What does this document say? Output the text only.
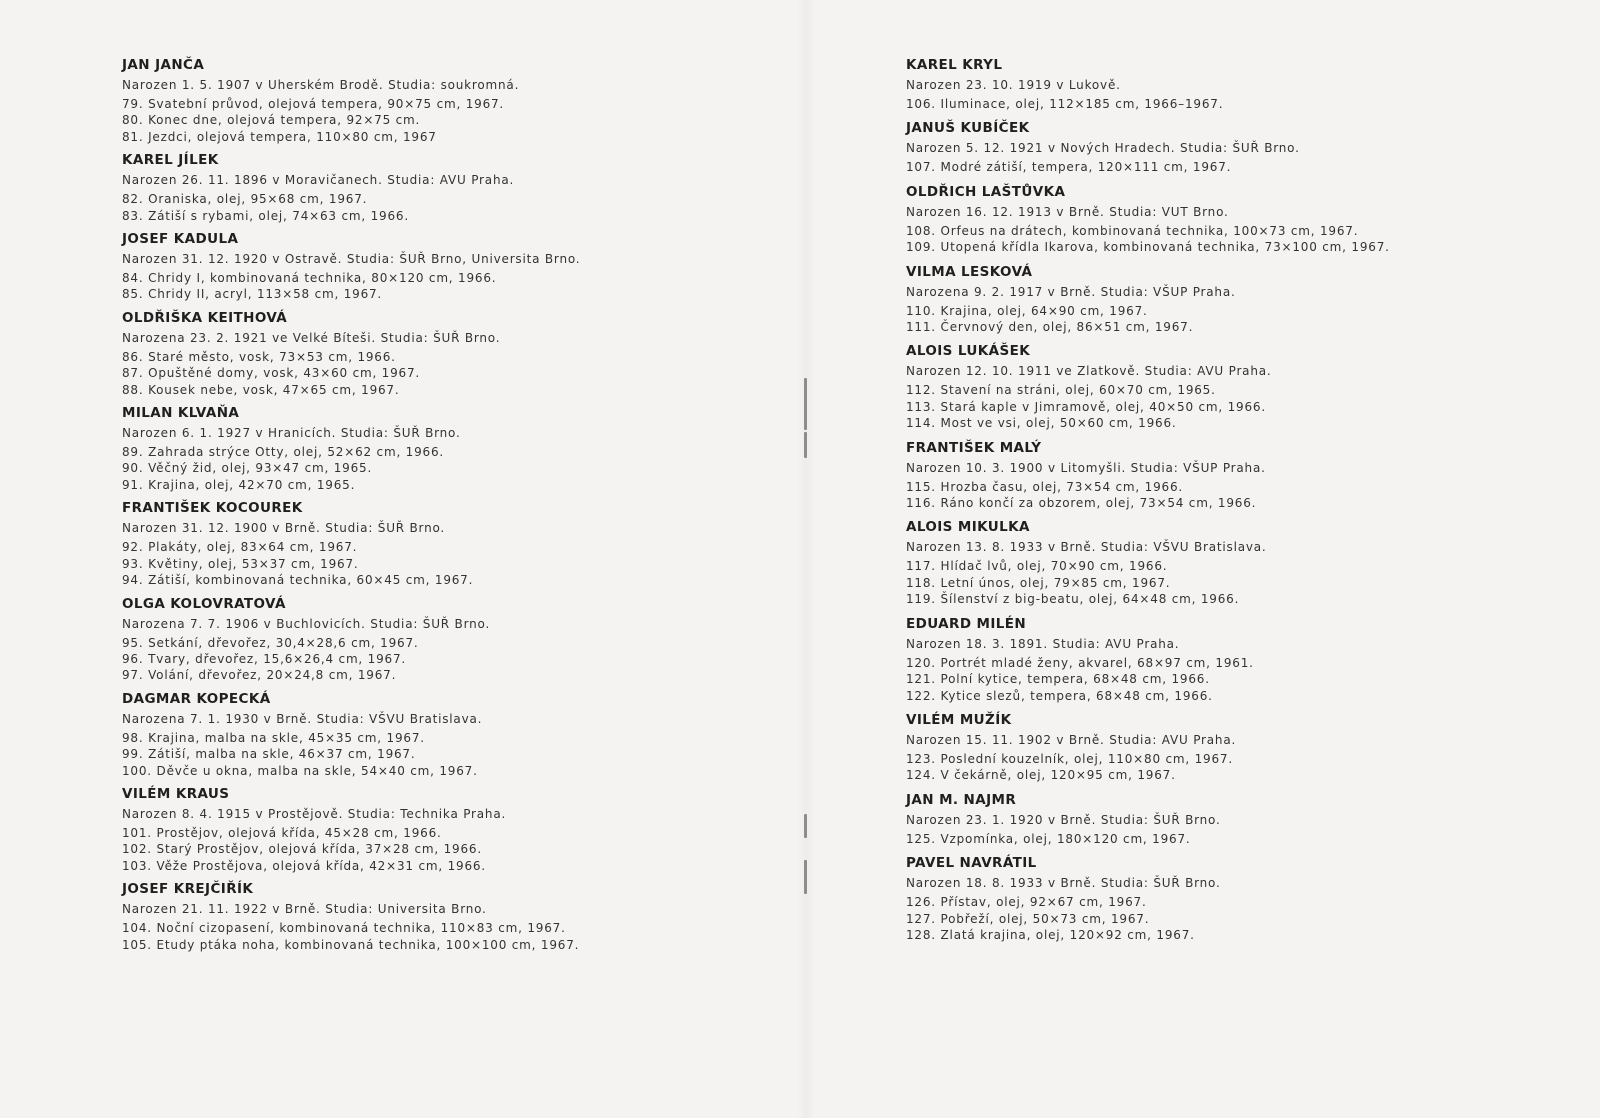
JAN JANČA
Narozen 1. 5. 1907 v Uherském Brodě. Studia: soukromná.
79. Svatební průvod, olejová tempera, 90×75 cm, 1967.
80. Konec dne, olejová tempera, 92×75 cm.
81. Jezdci, olejová tempera, 110×80 cm, 1967
KAREL JÍLEK
Narozen 26. 11. 1896 v Moravičanech. Studia: AVU Praha.
82. Oraniska, olej, 95×68 cm, 1967.
83. Zátiší s rybami, olej, 74×63 cm, 1966.
JOSEF KADULA
Narozen 31. 12. 1920 v Ostravě. Studia: ŠUŘ Brno, Universita Brno.
84. Chridy I, kombinovaná technika, 80×120 cm, 1966.
85. Chridy II, acryl, 113×58 cm, 1967.
OLDŘIŠKA KEITHOVÁ
Narozena 23. 2. 1921 ve Velké Bíteši. Studia: ŠUŘ Brno.
86. Staré město, vosk, 73×53 cm, 1966.
87. Opuštěné domy, vosk, 43×60 cm, 1967.
88. Kousek nebe, vosk, 47×65 cm, 1967.
MILAN KLVAŇA
Narozen 6. 1. 1927 v Hranicích. Studia: ŠUŘ Brno.
89. Zahrada strýce Otty, olej, 52×62 cm, 1966.
90. Věčný žid, olej, 93×47 cm, 1965.
91. Krajina, olej, 42×70 cm, 1965.
FRANTIŠEK KOCOUREK
Narozen 31. 12. 1900 v Brně. Studia: ŠUŘ Brno.
92. Plakáty, olej, 83×64 cm, 1967.
93. Květiny, olej, 53×37 cm, 1967.
94. Zátiší, kombinovaná technika, 60×45 cm, 1967.
OLGA KOLOVRATOVÁ
Narozena 7. 7. 1906 v Buchlovicích. Studia: ŠUŘ Brno.
95. Setkání, dřevořez, 30,4×28,6 cm, 1967.
96. Tvary, dřevořez, 15,6×26,4 cm, 1967.
97. Volání, dřevořez, 20×24,8 cm, 1967.
DAGMAR KOPECKÁ
Narozena 7. 1. 1930 v Brně. Studia: VŠVU Bratislava.
98. Krajina, malba na skle, 45×35 cm, 1967.
99. Zátiší, malba na skle, 46×37 cm, 1967.
100. Děvče u okna, malba na skle, 54×40 cm, 1967.
VILÉM KRAUS
Narozen 8. 4. 1915 v Prostějově. Studia: Technika Praha.
101. Prostějov, olejová křída, 45×28 cm, 1966.
102. Starý Prostějov, olejová křída, 37×28 cm, 1966.
103. Věže Prostějova, olejová křída, 42×31 cm, 1966.
JOSEF KREJČIŘÍK
Narozen 21. 11. 1922 v Brně. Studia: Universita Brno.
104. Noční cizopasení, kombinovaná technika, 110×83 cm, 1967.
105. Etudy ptáka noha, kombinovaná technika, 100×100 cm, 1967.
KAREL KRYL
Narozen 23. 10. 1919 v Lukově.
106. Iluminace, olej, 112×185 cm, 1966–1967.
JANUŠ KUBÍČEK
Narozen 5. 12. 1921 v Nových Hradech. Studia: ŠUŘ Brno.
107. Modré zátiší, tempera, 120×111 cm, 1967.
OLDŘICH LAŠTŮVKA
Narozen 16. 12. 1913 v Brně. Studia: VUT Brno.
108. Orfeus na drátech, kombinovaná technika, 100×73 cm, 1967.
109. Utopená křídla Ikarova, kombinovaná technika, 73×100 cm, 1967.
VILMA LESKOVÁ
Narozena 9. 2. 1917 v Brně. Studia: VŠUP Praha.
110. Krajina, olej, 64×90 cm, 1967.
111. Červnový den, olej, 86×51 cm, 1967.
ALOIS LUKÁŠEK
Narozen 12. 10. 1911 ve Zlatkově. Studia: AVU Praha.
112. Stavení na stráni, olej, 60×70 cm, 1965.
113. Stará kaple v Jimramově, olej, 40×50 cm, 1966.
114. Most ve vsi, olej, 50×60 cm, 1966.
FRANTIŠEK MALÝ
Narozen 10. 3. 1900 v Litomyšli. Studia: VŠUP Praha.
115. Hrozba času, olej, 73×54 cm, 1966.
116. Ráno končí za obzorem, olej, 73×54 cm, 1966.
ALOIS MIKULKA
Narozen 13. 8. 1933 v Brně. Studia: VŠVU Bratislava.
117. Hlídač lvů, olej, 70×90 cm, 1966.
118. Letní únos, olej, 79×85 cm, 1967.
119. Šílenství z big-beatu, olej, 64×48 cm, 1966.
EDUARD MILÉN
Narozen 18. 3. 1891. Studia: AVU Praha.
120. Portrét mladé ženy, akvarel, 68×97 cm, 1961.
121. Polní kytice, tempera, 68×48 cm, 1966.
122. Kytice slezů, tempera, 68×48 cm, 1966.
VILÉM MUŽÍK
Narozen 15. 11. 1902 v Brně. Studia: AVU Praha.
123. Poslední kouzelník, olej, 110×80 cm, 1967.
124. V čekárně, olej, 120×95 cm, 1967.
JAN M. NAJMR
Narozen 23. 1. 1920 v Brně. Studia: ŠUŘ Brno.
125. Vzpomínka, olej, 180×120 cm, 1967.
PAVEL NAVRÁTIL
Narozen 18. 8. 1933 v Brně. Studia: ŠUŘ Brno.
126. Přístav, olej, 92×67 cm, 1967.
127. Pobřeží, olej, 50×73 cm, 1967.
128. Zlatá krajina, olej, 120×92 cm, 1967.
